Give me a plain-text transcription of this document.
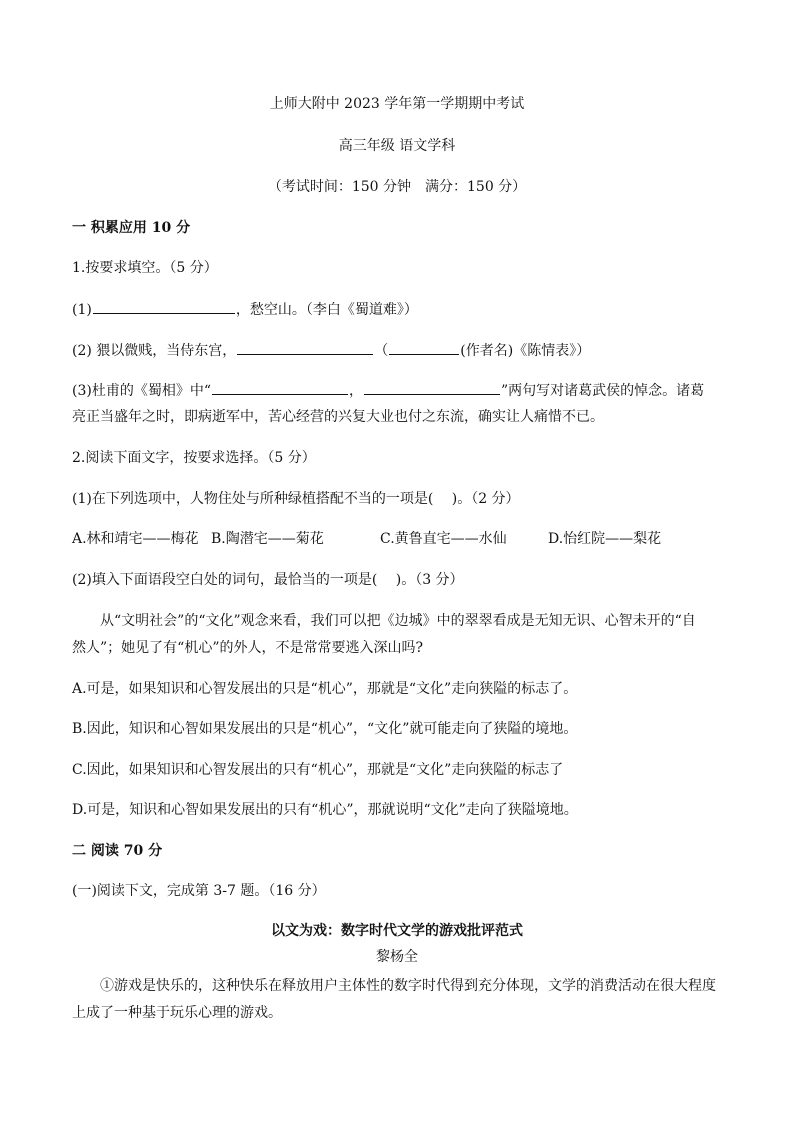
上师大附中 2023 学年第一学期期中考试
高三年级 语文学科
（考试时间：150 分钟　满分：150 分）
一 积累应用 10 分
1.按要求填空。（5 分）
(1)	，愁空山。（李白《蜀道难》）
(2) 猥以微贱，当侍东宫，	（	(作者名)《陈情表》）
(3)杜甫的《蜀相》中“	，	”两句写对诸葛武侯的悼念。诸葛
亮正当盛年之时，即病逝军中，苦心经营的兴复大业也付之东流，确实让人痛惜不已。
2.阅读下面文字，按要求选择。（5 分）
(1)在下列选项中，人物住处与所种绿植搭配不当的一项是(　 )。（2 分）
A.林和靖宅——梅花 B.陶潜宅——菊花	C.黄鲁直宅——水仙	D.怡红院——梨花
(2)填入下面语段空白处的词句，最恰当的一项是(　 )。（3 分）
从“文明社会”的“文化”观念来看，我们可以把《边城》中的翠翠看成是无知无识、心智未开的“自
然人”；她见了有“机心”的外人，不是常常要逃入深山吗?
A.可是，如果知识和心智发展出的只是“机心”，那就是“文化”走向狭隘的标志了。
B.因此，知识和心智如果发展出的只是“机心”，“文化”就可能走向了狭隘的境地。
C.因此，如果知识和心智发展出的只有“机心”，那就是“文化”走向狭隘的标志了
D.可是，知识和心智如果发展出的只有“机心”，那就说明“文化”走向了狭隘境地。
二 阅读 70 分
(一)阅读下文，完成第 3-7 题。（16 分）
以文为戏：数字时代文学的游戏批评范式
黎杨全
①游戏是快乐的，这种快乐在释放用户主体性的数字时代得到充分体现，文学的消费活动在很大程度
上成了一种基于玩乐心理的游戏。
